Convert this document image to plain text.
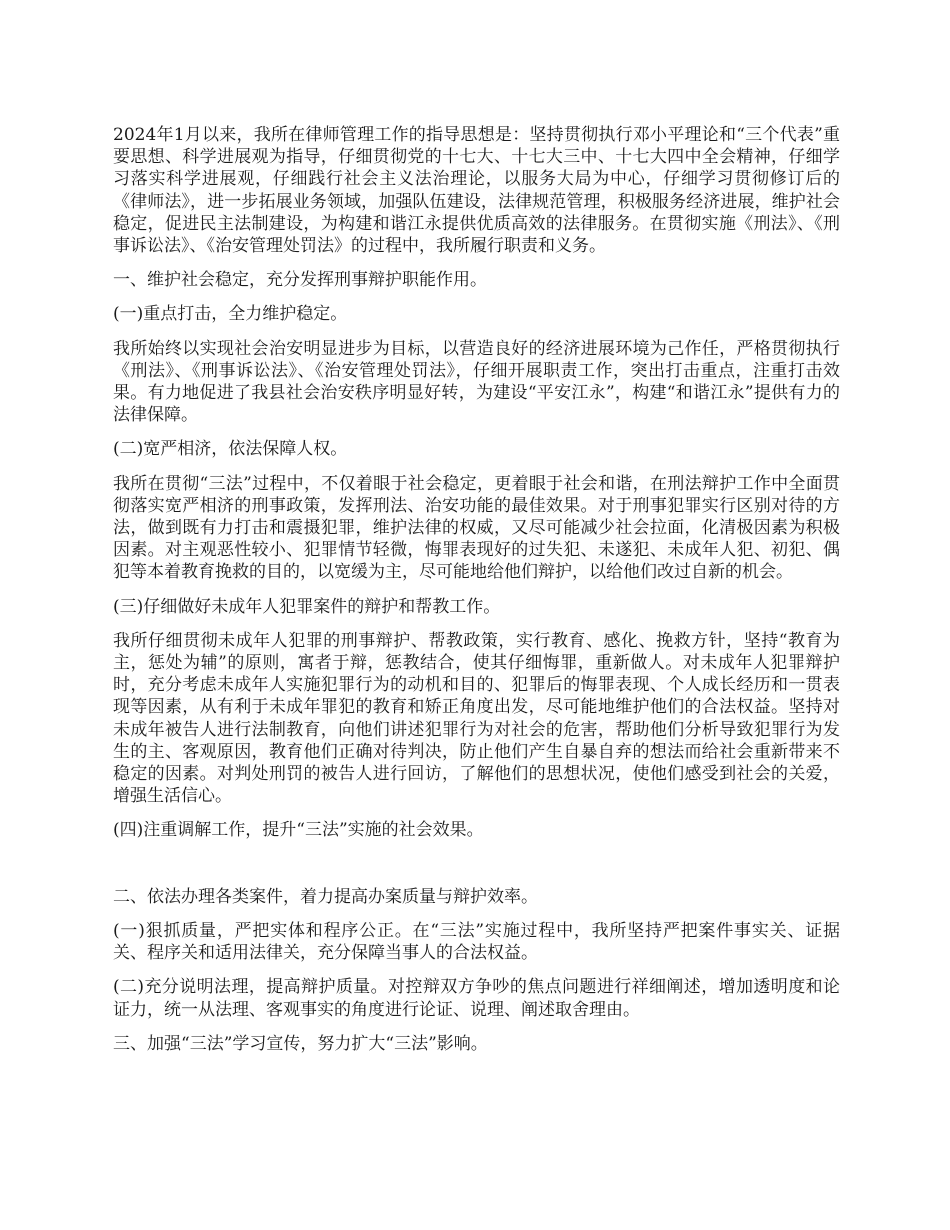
2024年1月以来，我所在律师管理工作的指导思想是：坚持贯彻执行邓小平理论和“三个代表”重要思想、科学进展观为指导，仔细贯彻党的十七大、十七大三中、十七大四中全会精神，仔细学习落实科学进展观，仔细践行社会主义法治理论，以服务大局为中心，仔细学习贯彻修订后的《律师法》，进一步拓展业务领域，加强队伍建设，法律规范管理，积极服务经济进展，维护社会稳定，促进民主法制建设，为构建和谐江永提供优质高效的法律服务。在贯彻实施《刑法》、《刑事诉讼法》、《治安管理处罚法》的过程中，我所履行职责和义务。

一、维护社会稳定，充分发挥刑事辩护职能作用。

(一)重点打击，全力维护稳定。

我所始终以实现社会治安明显进步为目标，以营造良好的经济进展环境为己作任，严格贯彻执行《刑法》、《刑事诉讼法》、《治安管理处罚法》，仔细开展职责工作，突出打击重点，注重打击效果。有力地促进了我县社会治安秩序明显好转，为建设“平安江永”，构建“和谐江永”提供有力的法律保障。

(二)宽严相济，依法保障人权。

我所在贯彻“三法”过程中，不仅着眼于社会稳定，更着眼于社会和谐，在刑法辩护工作中全面贯彻落实宽严相济的刑事政策，发挥刑法、治安功能的最佳效果。对于刑事犯罪实行区别对待的方法，做到既有力打击和震摄犯罪，维护法律的权威，又尽可能减少社会拉面，化清极因素为积极因素。对主观恶性较小、犯罪情节轻微，悔罪表现好的过失犯、未遂犯、未成年人犯、初犯、偶犯等本着教育挽救的目的，以宽缓为主，尽可能地给他们辩护，以给他们改过自新的机会。

(三)仔细做好未成年人犯罪案件的辩护和帮教工作。

我所仔细贯彻未成年人犯罪的刑事辩护、帮教政策，实行教育、感化、挽救方针，坚持“教育为主，惩处为辅”的原则，寓者于辩，惩教结合，使其仔细悔罪，重新做人。对未成年人犯罪辩护时，充分考虑未成年人实施犯罪行为的动机和目的、犯罪后的悔罪表现、个人成长经历和一贯表现等因素，从有利于未成年罪犯的教育和矫正角度出发，尽可能地维护他们的合法权益。坚持对未成年被告人进行法制教育，向他们讲述犯罪行为对社会的危害，帮助他们分析导致犯罪行为发生的主、客观原因，教育他们正确对待判决，防止他们产生自暴自弃的想法而给社会重新带来不稳定的因素。对判处刑罚的被告人进行回访，了解他们的思想状况，使他们感受到社会的关爱，增强生活信心。

(四)注重调解工作，提升“三法”实施的社会效果。

二、依法办理各类案件，着力提高办案质量与辩护效率。

(一)狠抓质量，严把实体和程序公正。在“三法”实施过程中，我所坚持严把案件事实关、证据关、程序关和适用法律关，充分保障当事人的合法权益。

(二)充分说明法理，提高辩护质量。对控辩双方争吵的焦点问题进行祥细阐述，增加透明度和论证力，统一从法理、客观事实的角度进行论证、说理、阐述取舍理由。

三、加强“三法”学习宣传，努力扩大“三法”影响。
